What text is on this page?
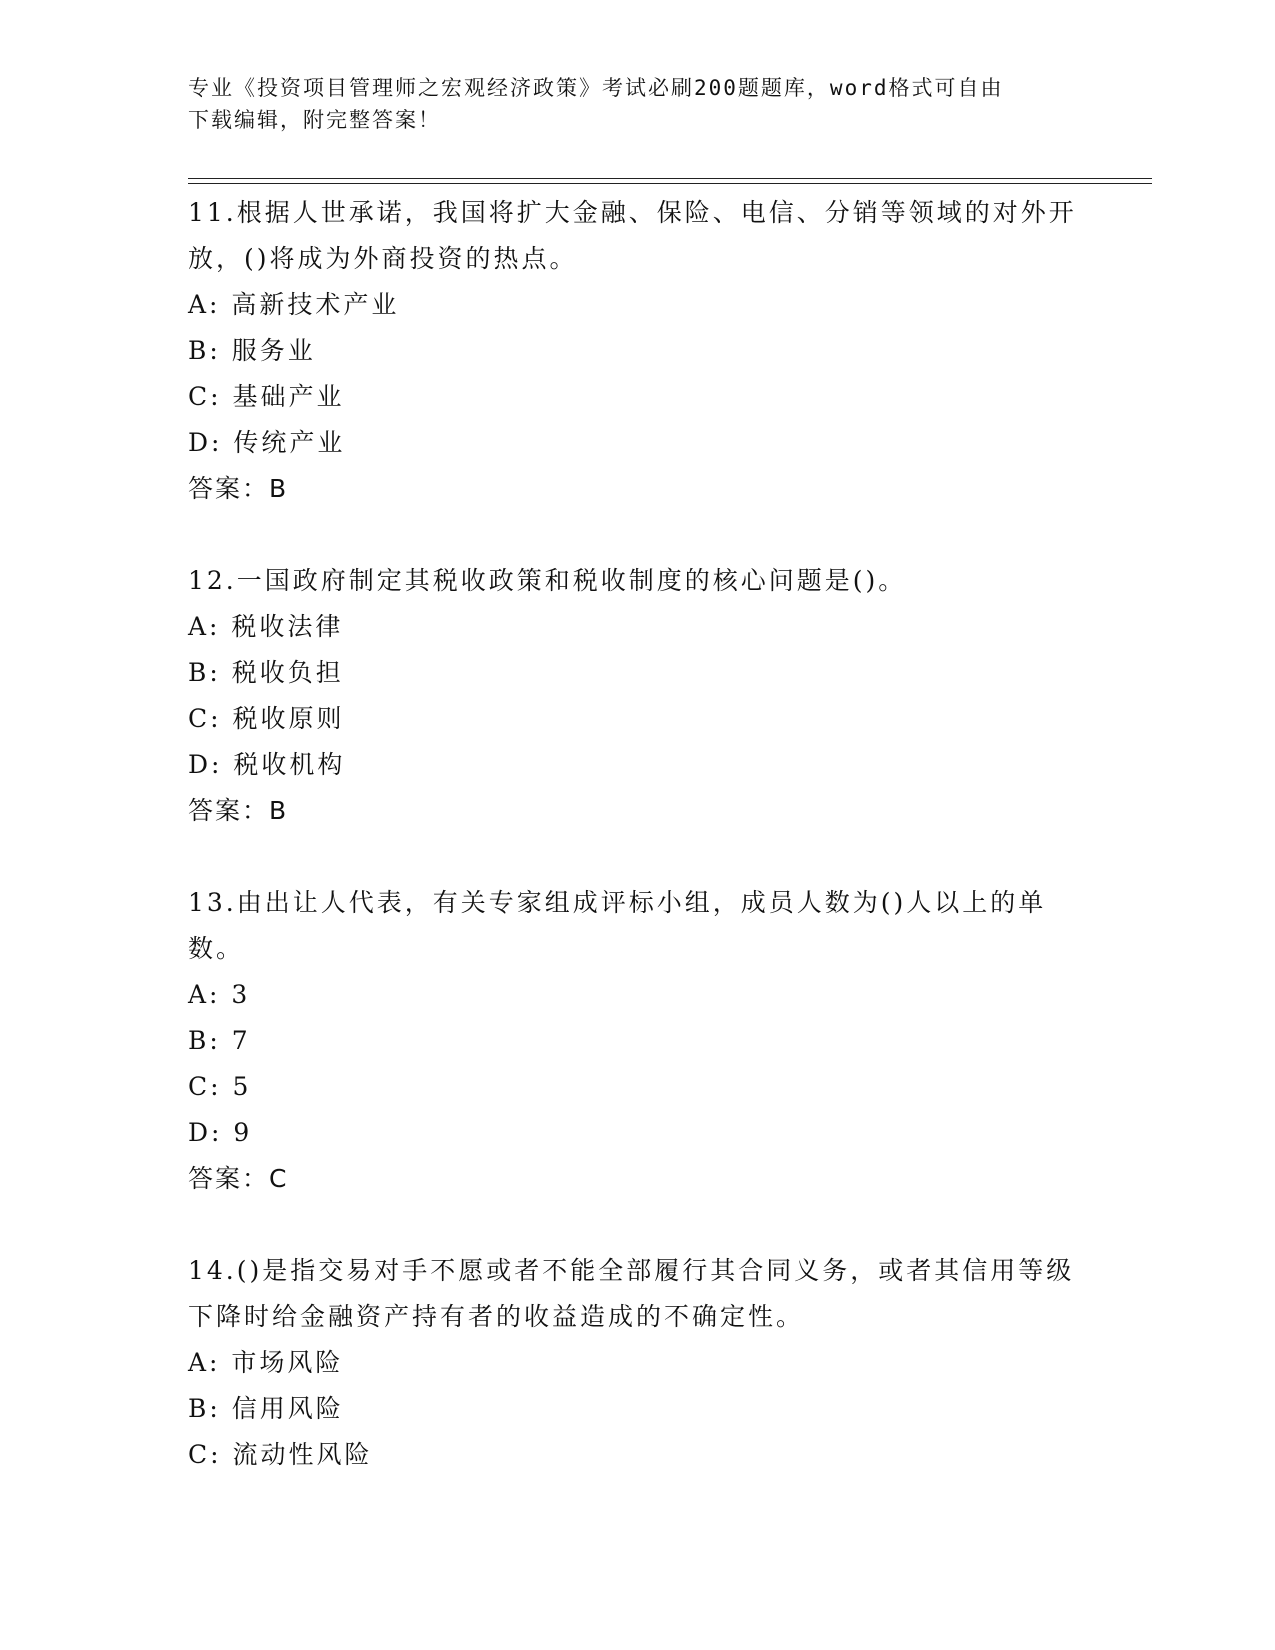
专业《投资项目管理师之宏观经济政策》考试必刷200题题库，word格式可自由
下载编辑，附完整答案！

11.根据人世承诺，我国将扩大金融、保险、电信、分销等领域的对外开放，()将成为外商投资的热点。

A: 高新技术产业

B: 服务业

C: 基础产业

D: 传统产业

答案：B

12.一国政府制定其税收政策和税收制度的核心问题是()。

A: 税收法律

B: 税收负担

C: 税收原则

D: 税收机构

答案：B

13.由出让人代表，有关专家组成评标小组，成员人数为()人以上的单数。

A: 3

B: 7

C: 5

D: 9

答案：C

14.()是指交易对手不愿或者不能全部履行其合同义务，或者其信用等级下降时给金融资产持有者的收益造成的不确定性。

A: 市场风险

B: 信用风险

C: 流动性风险
